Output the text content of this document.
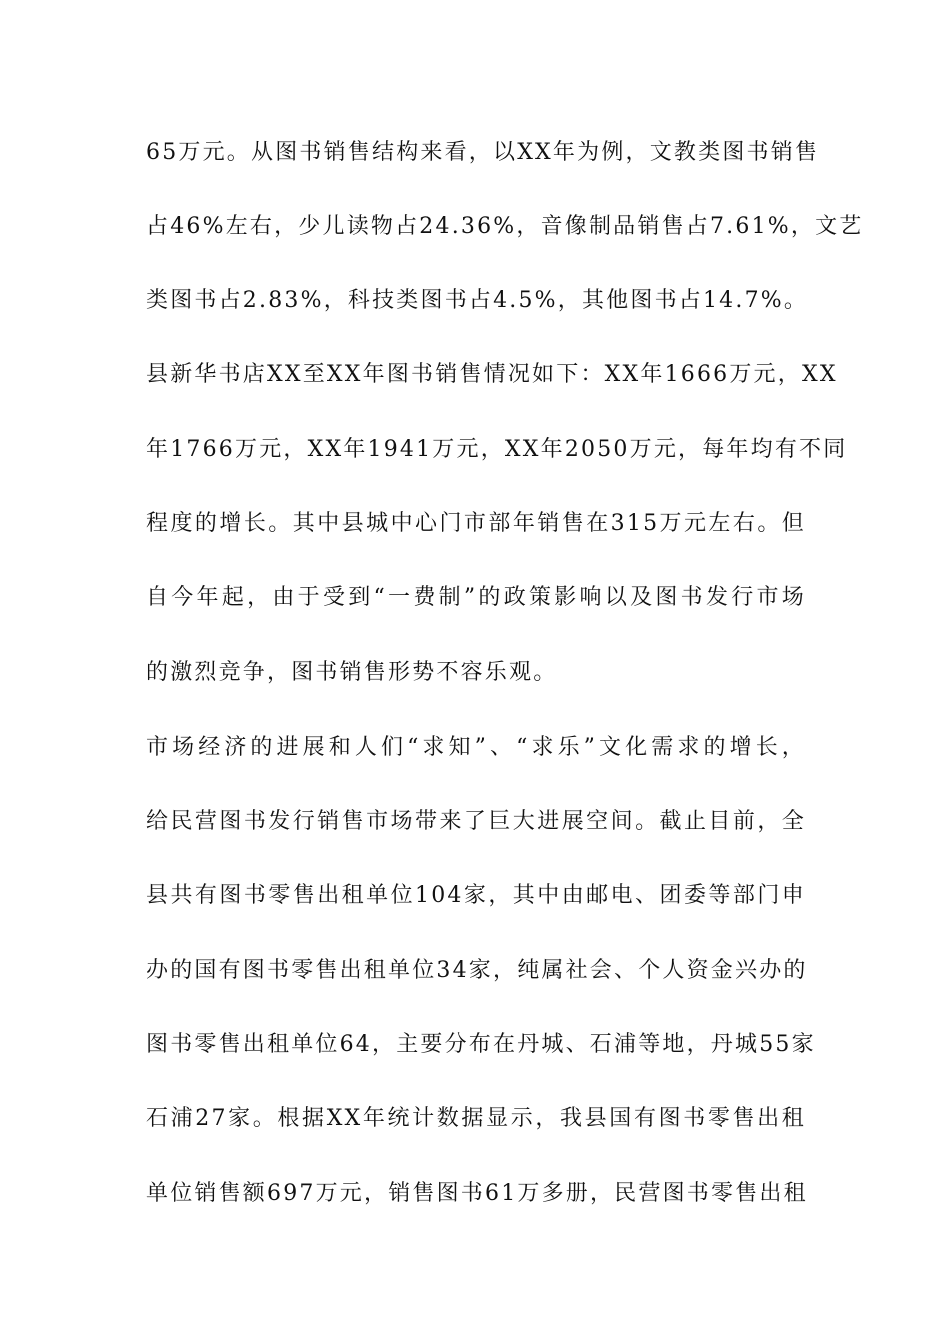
65万元。从图书销售结构来看，以XX年为例，文教类图书销售
占46%左右，少儿读物占24.36%，音像制品销售占7.61%，文艺
类图书占2.83%，科技类图书占4.5%，其他图书占14.7%。
县新华书店XX至XX年图书销售情况如下：XX年1666万元，XX
年1766万元，XX年1941万元，XX年2050万元，每年均有不同
程度的增长。其中县城中心门市部年销售在315万元左右。但
自今年起，由于受到“一费制”的政策影响以及图书发行市场
的激烈竞争，图书销售形势不容乐观。
市场经济的进展和人们“求知”、“求乐”文化需求的增长，
给民营图书发行销售市场带来了巨大进展空间。截止目前，全
县共有图书零售出租单位104家，其中由邮电、团委等部门申
办的国有图书零售出租单位34家，纯属社会、个人资金兴办的
图书零售出租单位64，主要分布在丹城、石浦等地，丹城55家
石浦27家。根据XX年统计数据显示，我县国有图书零售出租
单位销售额697万元，销售图书61万多册，民营图书零售出租
